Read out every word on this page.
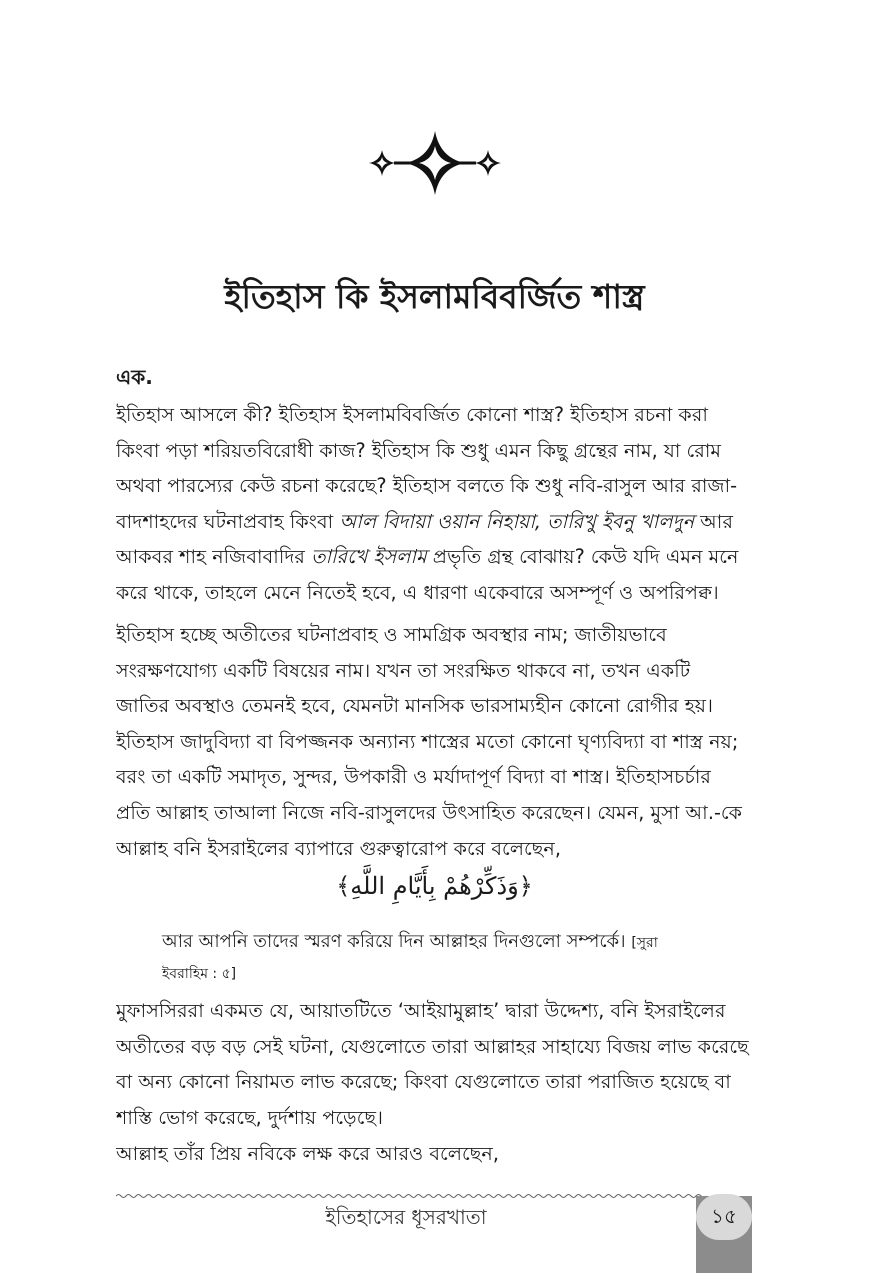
ইতিহাস কি ইসলামবিবর্জিত শাস্ত্র

এক.

ইতিহাস আসলে কী? ইতিহাস ইসলামবিবর্জিত কোনো শাস্ত্র? ইতিহাস রচনা করা
কিংবা পড়া শরিয়তবিরোধী কাজ? ইতিহাস কি শুধু এমন কিছু গ্রন্থের নাম, যা রোম
অথবা পারস্যের কেউ রচনা করেছে? ইতিহাস বলতে কি শুধু নবি-রাসুল আর রাজা-
বাদশাহদের ঘটনাপ্রবাহ কিংবা আল বিদায়া ওয়ান নিহায়া, তারিখু ইবনু খালদুন আর
আকবর শাহ নজিবাবাদির তারিখে ইসলাম প্রভৃতি গ্রন্থ বোঝায়? কেউ যদি এমন মনে
করে থাকে, তাহলে মেনে নিতেই হবে, এ ধারণা একেবারে অসম্পূর্ণ ও অপরিপক্ব।
ইতিহাস হচ্ছে অতীতের ঘটনাপ্রবাহ ও সামগ্রিক অবস্থার নাম; জাতীয়ভাবে
সংরক্ষণযোগ্য একটি বিষয়ের নাম। যখন তা সংরক্ষিত থাকবে না, তখন একটি
জাতির অবস্থাও তেমনই হবে, যেমনটা মানসিক ভারসাম্যহীন কোনো রোগীর হয়।
ইতিহাস জাদুবিদ্যা বা বিপজ্জনক অন্যান্য শাস্ত্রের মতো কোনো ঘৃণ্যবিদ্যা বা শাস্ত্র নয়;
বরং তা একটি সমাদৃত, সুন্দর, উপকারী ও মর্যাদাপূর্ণ বিদ্যা বা শাস্ত্র। ইতিহাসচর্চার
প্রতি আল্লাহ তাআলা নিজে নবি-রাসুলদের উৎসাহিত করেছেন। যেমন, মুসা আ.-কে
আল্লাহ বনি ইসরাইলের ব্যাপারে গুরুত্বারোপ করে বলেছেন,

﴿وَذَكِّرْهُمْ بِأَيَّامِ اللَّهِ﴾

আর আপনি তাদের স্মরণ করিয়ে দিন আল্লাহর দিনগুলো সম্পর্কে। [সুরা
ইবরাহিম : ৫]

মুফাসসিররা একমত যে, আয়াতটিতে ‘আইয়ামুল্লাহ’ দ্বারা উদ্দেশ্য, বনি ইসরাইলের
অতীতের বড় বড় সেই ঘটনা, যেগুলোতে তারা আল্লাহর সাহায্যে বিজয় লাভ করেছে
বা অন্য কোনো নিয়ামত লাভ করেছে; কিংবা যেগুলোতে তারা পরাজিত হয়েছে বা
শাস্তি ভোগ করেছে, দুর্দশায় পড়েছে।
আল্লাহ তাঁর প্রিয় নবিকে লক্ষ করে আরও বলেছেন,

ইতিহাসের ধূসরখাতা	১৫
